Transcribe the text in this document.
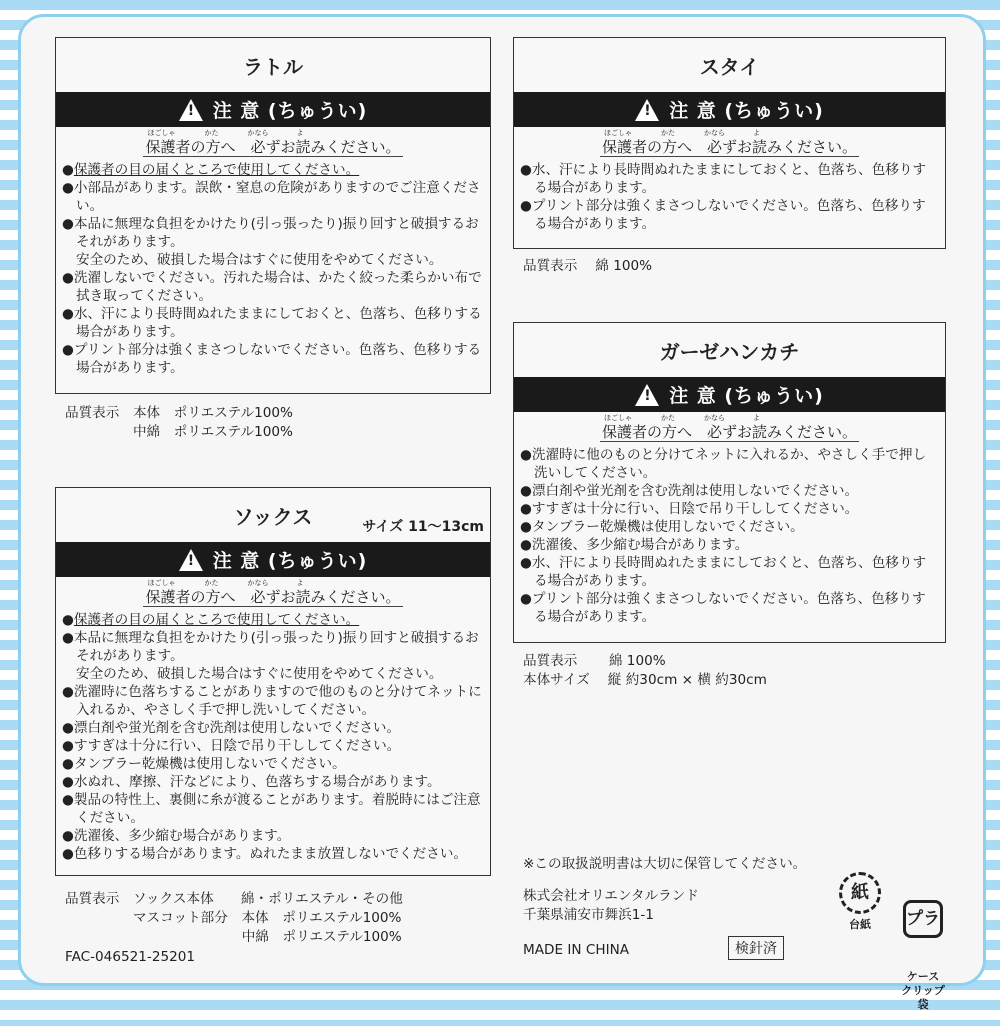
ラトル
!
注 意 (ちゅうい)
保護者の方へ　必ずお読みください。
ほごしゃ	かた	かなら	よ
● 保護者の目の届くところで使用してください。
● 小部品があります。誤飲・窒息の危険がありますのでご注意ください。
● 本品に無理な負担をかけたり(引っ張ったり)振り回すと破損するおそれがあります。
安全のため、破損した場合はすぐに使用をやめてください。
● 洗濯しないでください。汚れた場合は、かたく絞った柔らかい布で拭き取ってください。
● 水、汗により長時間ぬれたままにしておくと、色落ち、色移りする場合があります。
● プリント部分は強くまさつしないでください。色落ち、色移りする場合があります。
品質表示　本体　ポリエステル100%
　　　　　中綿　ポリエステル100%
スタイ
!
注 意 (ちゅうい)
保護者の方へ　必ずお読みください。
ほごしゃ	かた	かなら	よ
● 水、汗により長時間ぬれたままにしておくと、色落ち、色移りする場合があります。
● プリント部分は強くまさつしないでください。色落ち、色移りする場合があります。
品質表示　 綿 100%
ガーゼハンカチ
!
注 意 (ちゅうい)
保護者の方へ　必ずお読みください。
ほごしゃ	かた	かなら	よ
● 洗濯時に他のものと分けてネットに入れるか、やさしく手で押し洗いしてください。
● 漂白剤や蛍光剤を含む洗剤は使用しないでください。
● すすぎは十分に行い、日陰で吊り干ししてください。
● タンブラー乾燥機は使用しないでください。
● 洗濯後、多少縮む場合があります。
● 水、汗により長時間ぬれたままにしておくと、色落ち、色移りする場合があります。
● プリント部分は強くまさつしないでください。色落ち、色移りする場合があります。
品質表示　　 綿 100%
本体サイズ　 縦 約30cm × 横 約30cm
ソックス	サイズ 11〜13cm
!
注 意 (ちゅうい)
保護者の方へ　必ずお読みください。
ほごしゃ	かた	かなら	よ
● 保護者の目の届くところで使用してください。
● 本品に無理な負担をかけたり(引っ張ったり)振り回すと破損するおそれがあります。
安全のため、破損した場合はすぐに使用をやめてください。
● 洗濯時に色落ちすることがありますので他のものと分けてネットに入れるか、やさしく手で押し洗いしてください。
● 漂白剤や蛍光剤を含む洗剤は使用しないでください。
● すすぎは十分に行い、日陰で吊り干ししてください。
● タンブラー乾燥機は使用しないでください。
● 水ぬれ、摩擦、汗などにより、色落ちする場合があります。
● 製品の特性上、裏側に糸が渡ることがあります。着脱時にはご注意ください。
● 洗濯後、多少縮む場合があります。
● 色移りする場合があります。ぬれたまま放置しないでください。
品質表示　ソックス本体　　綿・ポリエステル・その他
　　　　　マスコット部分　本体　ポリエステル100%
　　　　　　　　　　　　　中綿　ポリエステル100%
FAC-046521-25201
※この取扱説明書は大切に保管してください。
株式会社オリエンタルランド
千葉県浦安市舞浜1-1
MADE IN CHINA	検針済
紙
台紙

	プラ

ケース
クリップ
袋
